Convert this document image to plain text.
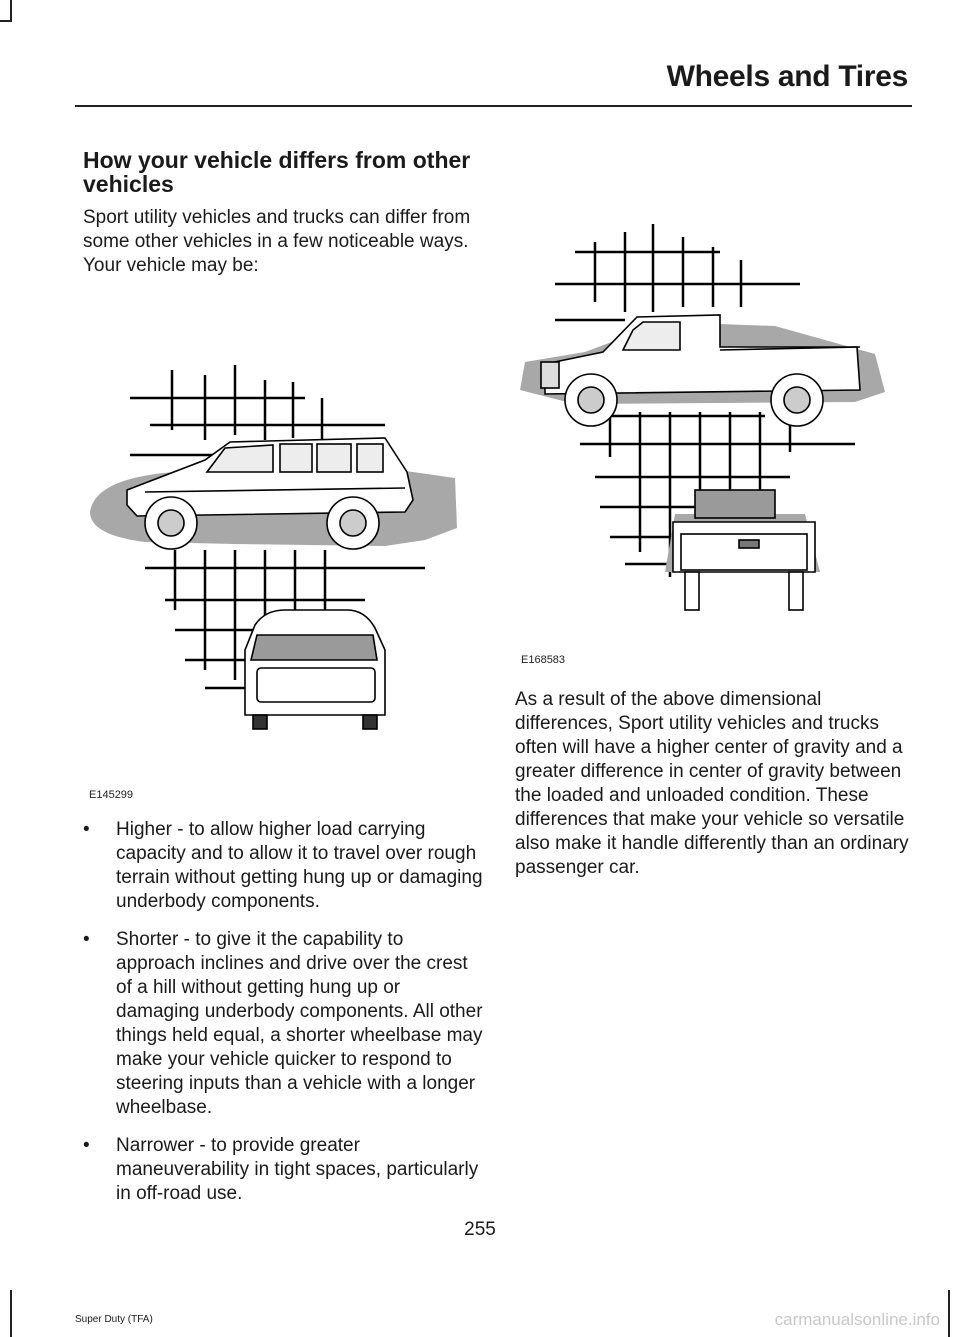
Wheels and Tires
How your vehicle differs from other vehicles
Sport utility vehicles and trucks can differ from some other vehicles in a few noticeable ways. Your vehicle may be:
E145299
• Higher - to allow higher load carrying capacity and to allow it to travel over rough terrain without getting hung up or damaging underbody components.
• Shorter - to give it the capability to approach inclines and drive over the crest of a hill without getting hung up or damaging underbody components. All other things held equal, a shorter wheelbase may make your vehicle quicker to respond to steering inputs than a vehicle with a longer wheelbase.
• Narrower - to provide greater maneuverability in tight spaces, particularly in off-road use.
E168583
As a result of the above dimensional differences, Sport utility vehicles and trucks often will have a higher center of gravity and a greater difference in center of gravity between the loaded and unloaded condition. These differences that make your vehicle so versatile also make it handle differently than an ordinary passenger car.
255
Super Duty (TFA)	carmanualsonline.info
